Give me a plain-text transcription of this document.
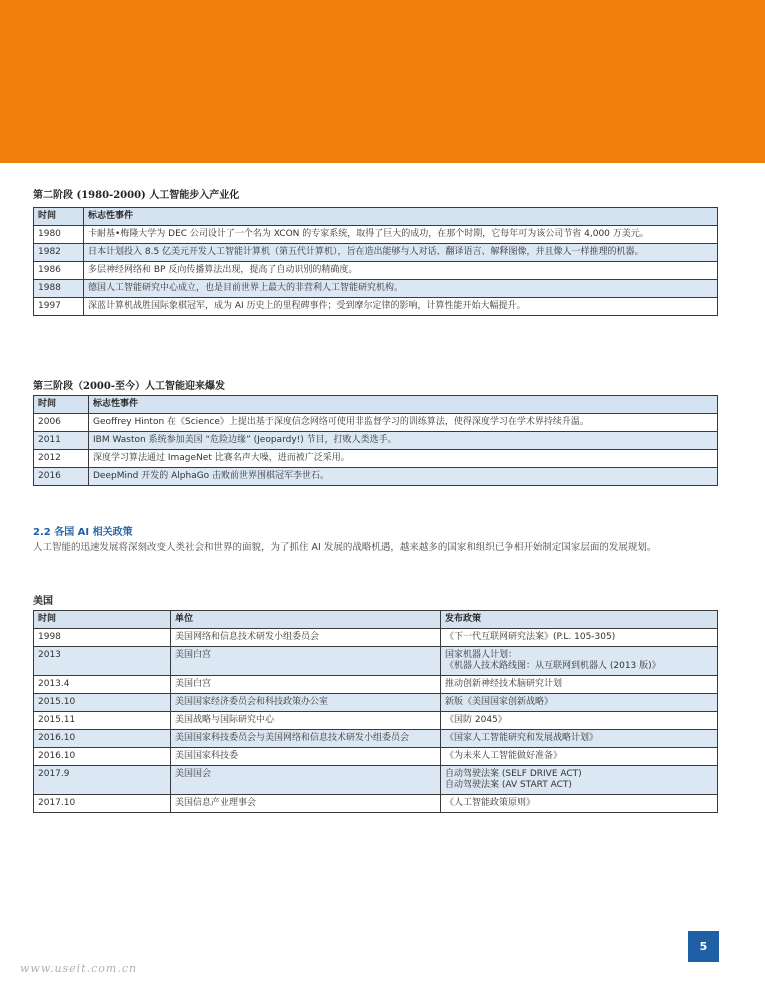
第二阶段 (1980-2000) 人工智能步入产业化
时间	标志性事件
1980	卡耐基•梅隆大学为 DEC 公司设计了一个名为 XCON 的专家系统，取得了巨大的成功，在那个时期，它每年可为该公司节省 4,000 万美元。
1982	日本计划投入 8.5 亿美元开发人工智能计算机（第五代计算机），旨在造出能够与人对话、翻译语言、解释图像，并且像人一样推理的机器。
1986	多层神经网络和 BP 反向传播算法出现，提高了自动识别的精确度。
1988	德国人工智能研究中心成立，也是目前世界上最大的非营利人工智能研究机构。
1997	深蓝计算机战胜国际象棋冠军，成为 AI 历史上的里程碑事件；受到摩尔定律的影响，计算性能开始大幅提升。
第三阶段（2000-至今）人工智能迎来爆发
时间	标志性事件
2006	Geoffrey Hinton 在《Science》上提出基于深度信念网络可使用非监督学习的训练算法，使得深度学习在学术界持续升温。
2011	IBM Waston 系统参加美国 “危险边缘” (Jeopardy!) 节目，打败人类选手。
2012	深度学习算法通过 ImageNet 比赛名声大噪，进而被广泛采用。
2016	DeepMind 开发的 AlphaGo 击败前世界围棋冠军李世石。
2.2 各国 AI 相关政策
人工智能的迅速发展将深刻改变人类社会和世界的面貌，为了抓住 AI 发展的战略机遇，越来越多的国家和组织已争相开始制定国家层面的发展规划。
美国
时间	单位	发布政策
1998	美国网络和信息技术研发小组委员会	《下一代互联网研究法案》(P.L. 105-305)
2013	美国白宫	国家机器人计划：
《机器人技术路线图：从互联网到机器人 (2013 版)》
2013.4	美国白宫	推动创新神经技术脑研究计划
2015.10	美国国家经济委员会和科技政策办公室	新版《美国国家创新战略》
2015.11	美国战略与国际研究中心	《国防 2045》
2016.10	美国国家科技委员会与美国网络和信息技术研发小组委员会	《国家人工智能研究和发展战略计划》
2016.10	美国国家科技委	《为未来人工智能做好准备》
2017.9	美国国会	自动驾驶法案 (SELF DRIVE ACT)
自动驾驶法案 (AV START ACT)
2017.10	美国信息产业理事会	《人工智能政策原则》
5
www.useit.com.cn
